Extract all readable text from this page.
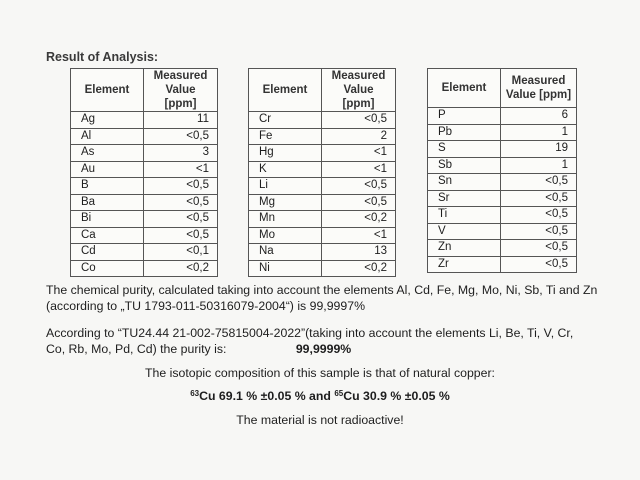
Result of Analysis:
Element	Measured
Value [ppm]
Ag	11
Al	<0,5
As	3
Au	<1
B	<0,5
Ba	<0,5
Bi	<0,5
Ca	<0,5
Cd	<0,1
Co	<0,2
Element	Measured
Value [ppm]
Cr	<0,5
Fe	2
Hg	<1
K	<1
Li	<0,5
Mg	<0,5
Mn	<0,2
Mo	<1
Na	13
Ni	<0,2
Element	Measured
Value [ppm]
P	6
Pb	1
S	19
Sb	1
Sn	<0,5
Sr	<0,5
Ti	<0,5
V	<0,5
Zn	<0,5
Zr	<0,5
The chemical purity, calculated taking into account the elements Al, Cd, Fe, Mg, Mo, Ni, Sb, Ti and Zn (according to „TU 1793-011-50316079-2004“) is 99,9997%
According to “TU24.44 21-002-75815004-2022”(taking into account the elements Li, Be, Ti, V, Cr,
Co, Rb, Mo, Pd, Cd) the purity is:	99,9999%
The isotopic composition of this sample is that of natural copper:
$^{63}$Cu 69.1 % ±0.05 % and $^{65}$Cu 30.9 % ±0.05 %
The material is not radioactive!
